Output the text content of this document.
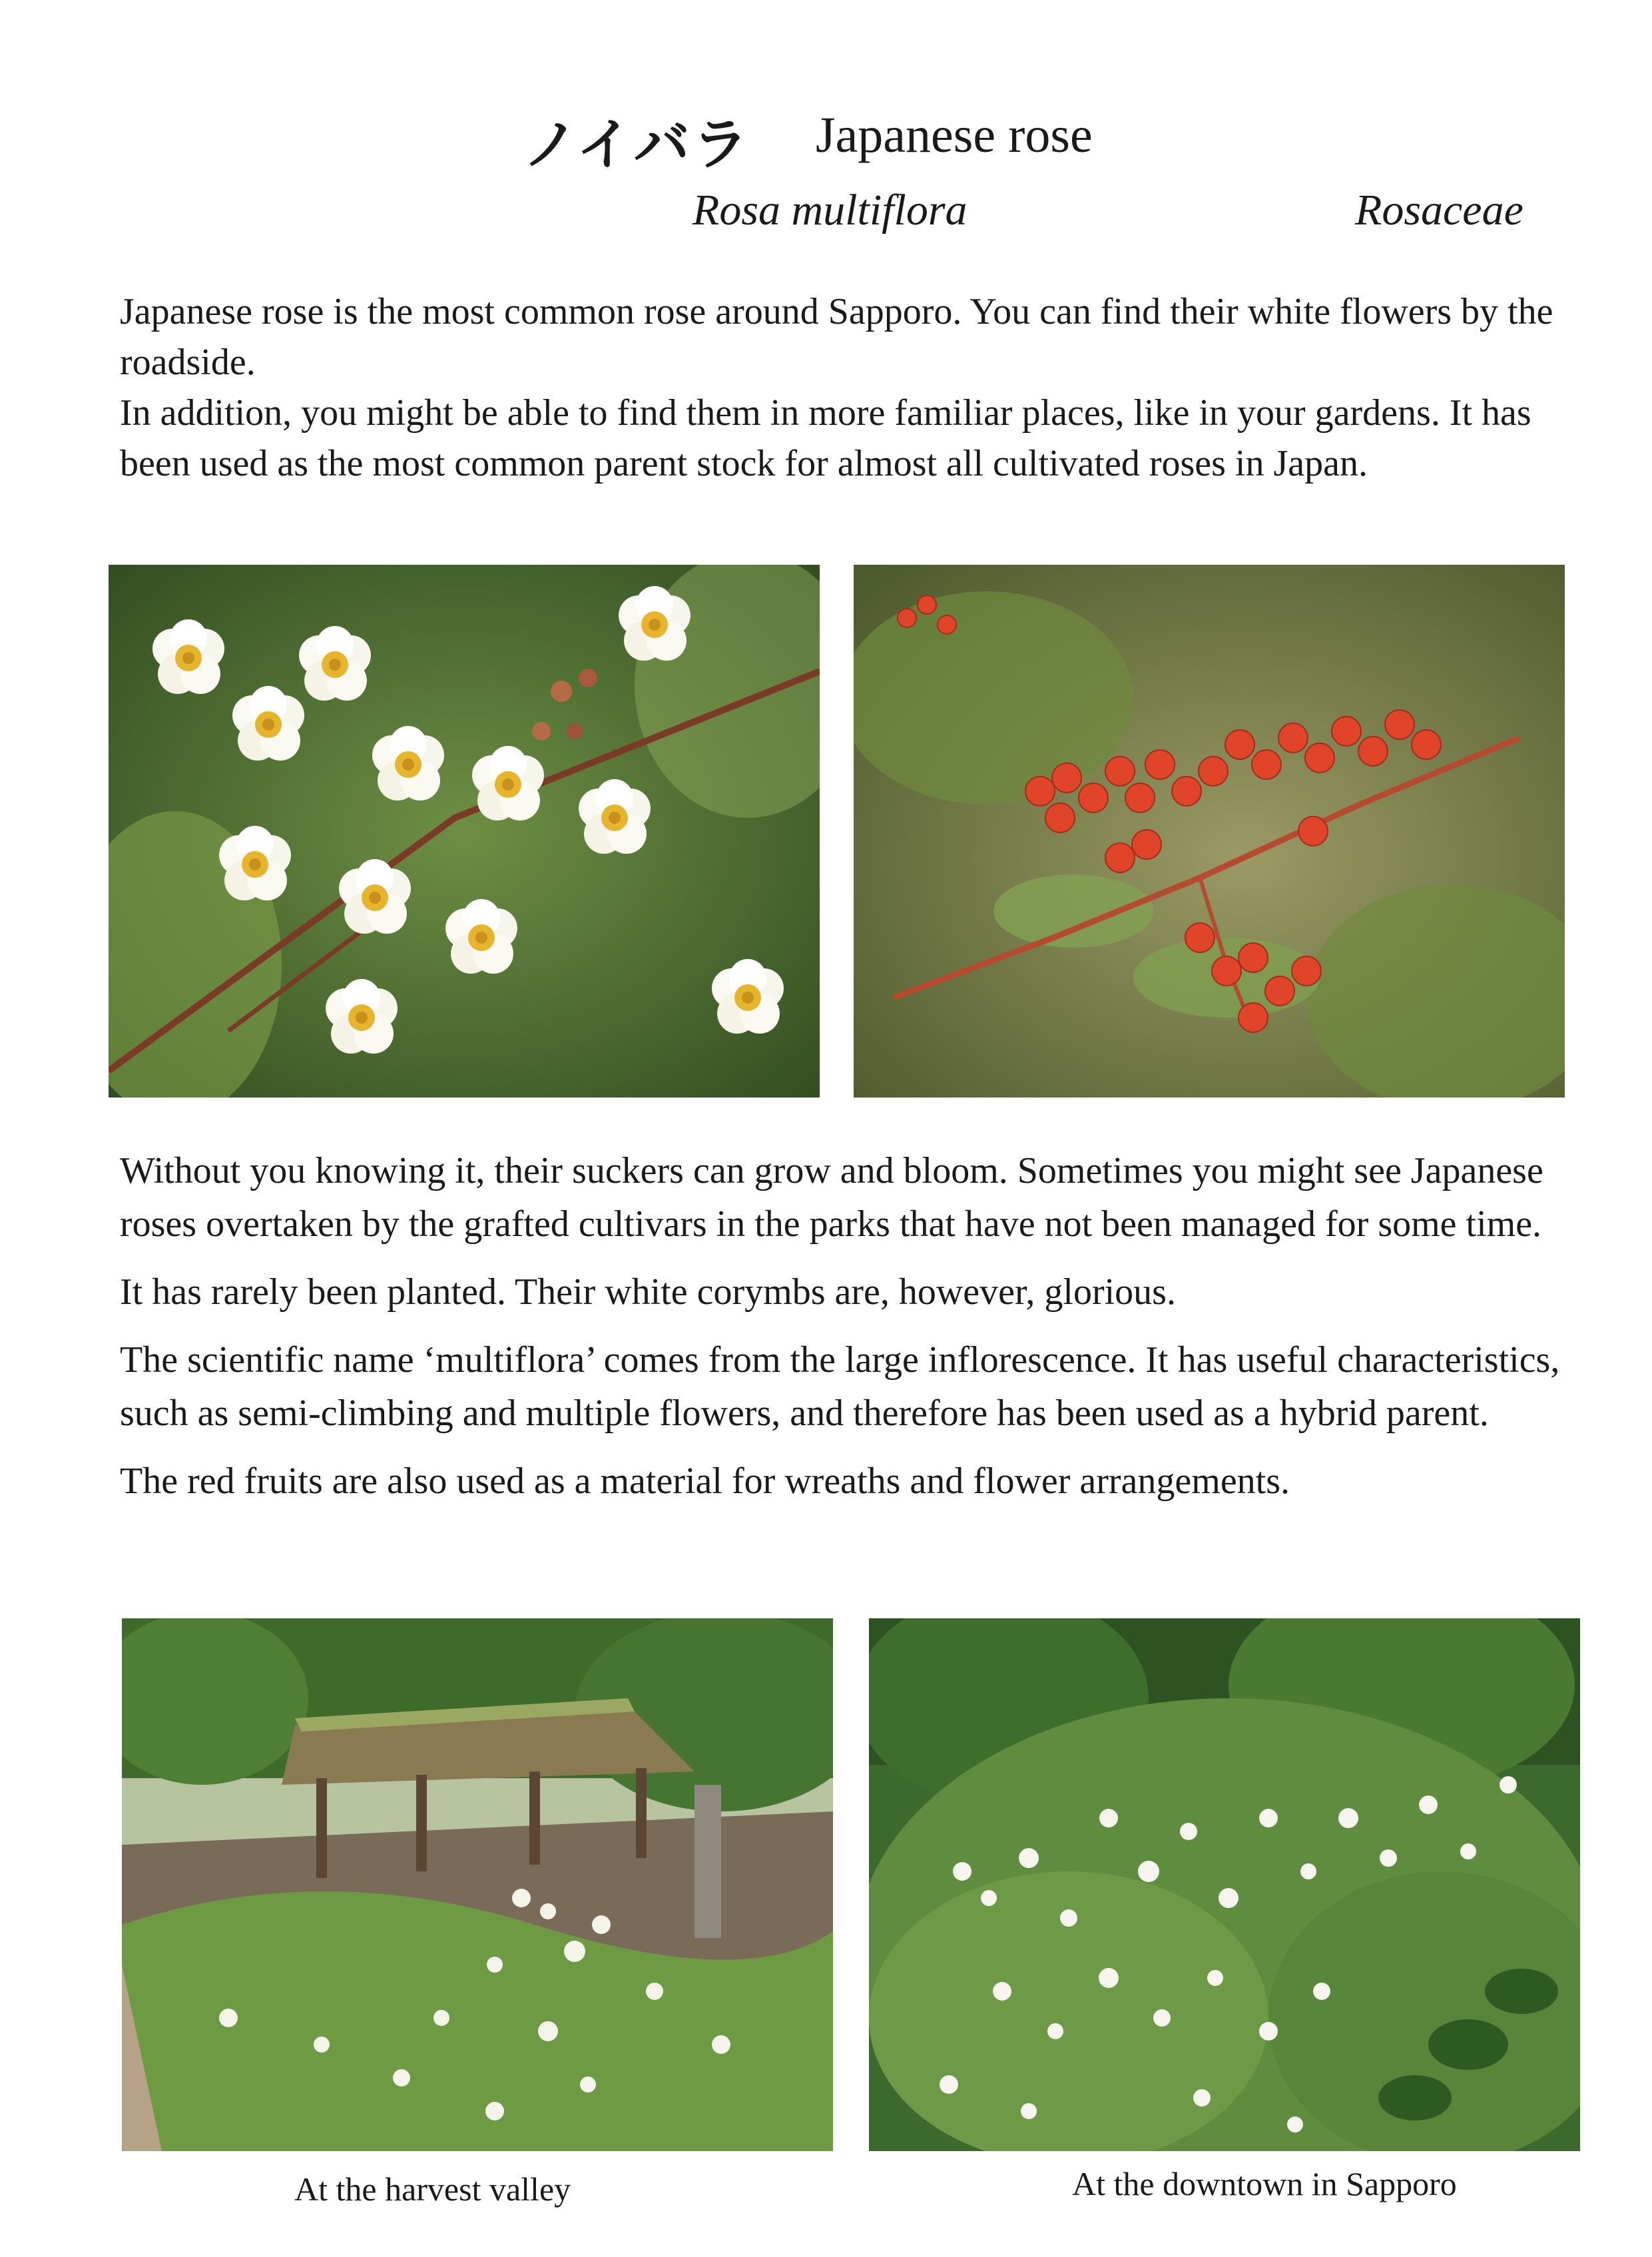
ノイバラ Japanese rose
Rosa multiflora	Rosaceae

Japanese rose is the most common rose around Sapporo. You can find their white flowers by the roadside.

In addition, you might be able to find them in more familiar places, like in your gardens. It has been used as the most common parent stock for almost all cultivated roses in Japan.

Without you knowing it, their suckers can grow and bloom. Sometimes you might see Japanese roses overtaken by the grafted cultivars in the parks that have not been managed for some time.

It has rarely been planted. Their white corymbs are, however, glorious.

The scientific name ‘multiflora’ comes from the large inflorescence. It has useful characteristics, such as semi-climbing and multiple flowers, and therefore has been used as a hybrid parent.

The red fruits are also used as a material for wreaths and flower arrangements.

At the harvest valley	At the downtown in Sapporo
